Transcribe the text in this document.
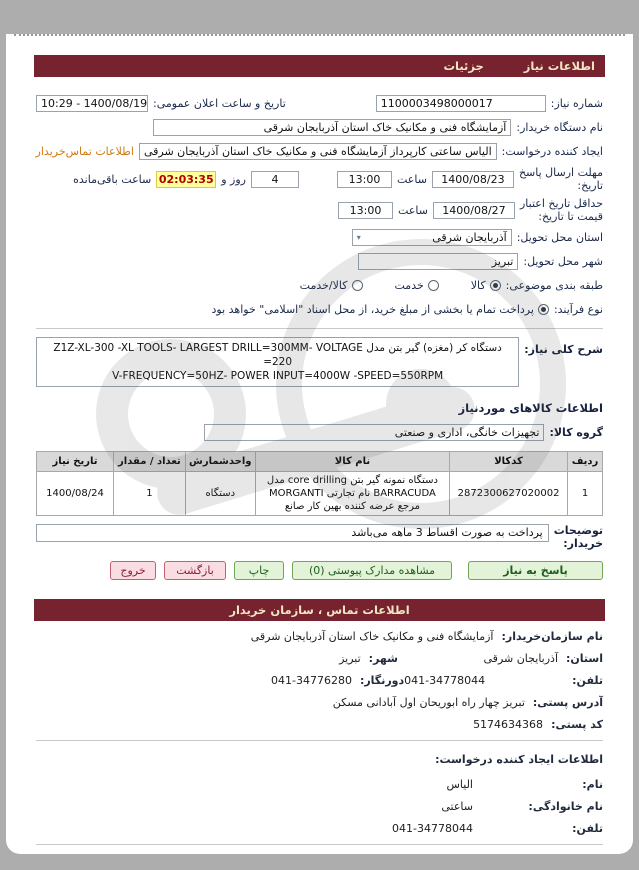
اطلاعات نیاز
جزئیات
شماره نیاز:
1100003498000017
تاریخ و ساعت اعلان عمومی:
10:29 - 1400/08/19
نام دستگاه خریدار:
آزمایشگاه فنی و مکانیک خاک استان آذربایجان شرقی
ایجاد کننده درخواست:
الیاس ساعتی کارپرداز آزمایشگاه فنی و مکانیک خاک استان آذربایجان شرقی
اطلاعات تماس‌خریدار
مهلت ارسال پاسخ
تاریخ:
1400/08/23
ساعت
13:00
4
روز و
02:03:35
ساعت باقی‌مانده
حداقل تاریخ اعتبار
قیمت تا تاریخ:
1400/08/27
ساعت
13:00
استان محل تحویل:
آذربایجان شرقی
▾
شهر محل تحویل:
تبریز
طبقه بندی موضوعی:
کالا
خدمت
کالا/خدمت
نوع فرآیند:
پرداخت تمام یا بخشی از مبلغ خرید، از محل اسناد "اسلامی" خواهد بود
شرح کلی نیاز:
دستگاه کر (مغزه) گیر بتن مدل Z1Z-XL-300 -XL TOOLS- LARGEST DRILL=300MM- VOLTAGE =220
V-FREQUENCY=50HZ- POWER INPUT=4000W -SPEED=550RPM
اطلاعات کالاهای موردنیاز
گروه کالا:
تجهیزات خانگی، اداری و صنعتی
ردیف	کدکالا	نام کالا	واحدشمارش	تعداد / مقدار	تاریخ نیاز
1	2872300627020002	دستگاه نمونه گیر بتن core drilling مدل BARRACUDA نام تجارتی MORGANTI مرجع عرضه کننده بهین کار صانع	دستگاه	1	1400/08/24
توضیحات
خریدار:
پرداخت به صورت اقساط 3 ماهه می‌باشد
پاسخ به نیاز
مشاهده مدارک پیوستی (0)
چاپ
بازگشت
خروج
اطلاعات تماس ، سازمان خریدار
نام سازمان‌خریدار:
آزمایشگاه فنی و مکانیک خاک استان آذربایجان شرقی
استان:
آذربایجان شرقی
شهر:
تبریز
تلفن:
041-34778044
دورنگار:
041-34776280
آدرس پستی:
تبریز چهار راه ابوریحان اول آبادانی مسکن
کد پستی:
5174634368
اطلاعات ایجاد کننده درخواست:
نام:
الیاس
نام خانوادگی:
ساعتی
تلفن:
041-34778044
